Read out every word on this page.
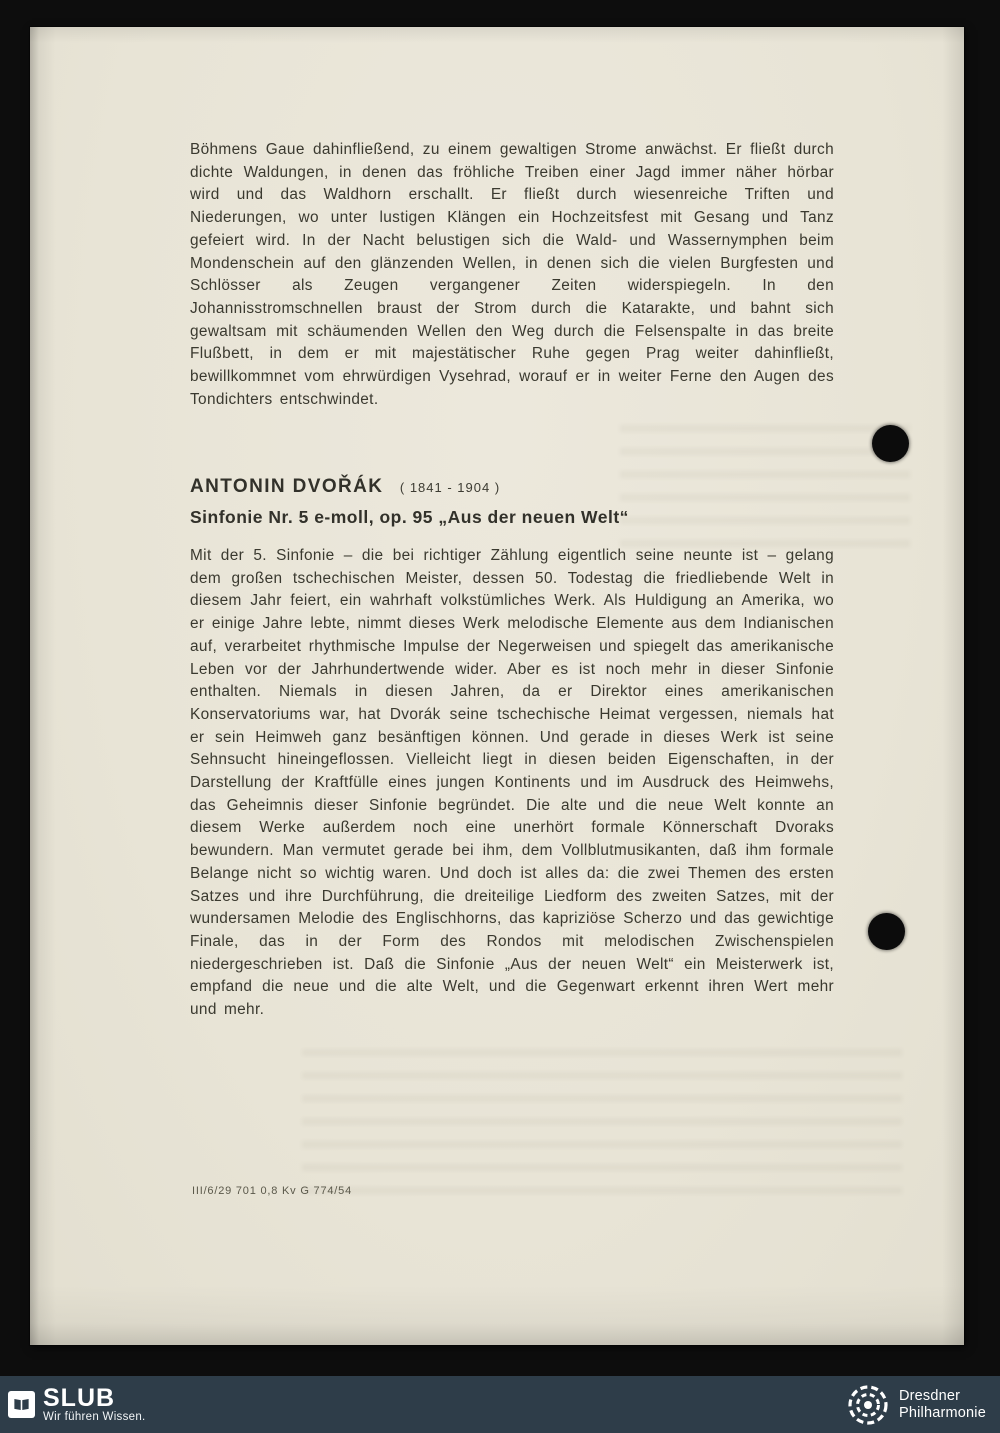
Böhmens Gaue dahinfließend, zu einem gewaltigen Strome anwächst. Er fließt durch dichte Waldungen, in denen das fröhliche Treiben einer Jagd immer näher hörbar wird und das Waldhorn erschallt. Er fließt durch wiesenreiche Triften und Niederungen, wo unter lustigen Klängen ein Hochzeitsfest mit Gesang und Tanz gefeiert wird. In der Nacht belustigen sich die Wald- und Wassernymphen beim Mondenschein auf den glänzenden Wellen, in denen sich die vielen Burgfesten und Schlösser als Zeugen vergangener Zeiten widerspiegeln. In den Johannisstromschnellen braust der Strom durch die Katarakte, und bahnt sich gewaltsam mit schäumenden Wellen den Weg durch die Felsenspalte in das breite Flußbett, in dem er mit majestätischer Ruhe gegen Prag weiter dahinfließt, bewillkommnet vom ehrwürdigen Vysehrad, worauf er in weiter Ferne den Augen des Tondichters entschwindet.

ANTONIN DVOŘÁK ( 1841 - 1904 )
Sinfonie Nr. 5 e-moll, op. 95 „Aus der neuen Welt“

Mit der 5. Sinfonie – die bei richtiger Zählung eigentlich seine neunte ist – gelang dem großen tschechischen Meister, dessen 50. Todestag die friedliebende Welt in diesem Jahr feiert, ein wahrhaft volkstümliches Werk. Als Huldigung an Amerika, wo er einige Jahre lebte, nimmt dieses Werk melodische Elemente aus dem Indianischen auf, verarbeitet rhythmische Impulse der Negerweisen und spiegelt das amerikanische Leben vor der Jahrhundertwende wider. Aber es ist noch mehr in dieser Sinfonie enthalten. Niemals in diesen Jahren, da er Direktor eines amerikanischen Konservatoriums war, hat Dvorák seine tschechische Heimat vergessen, niemals hat er sein Heimweh ganz besänftigen können. Und gerade in dieses Werk ist seine Sehnsucht hineingeflossen. Vielleicht liegt in diesen beiden Eigenschaften, in der Darstellung der Kraftfülle eines jungen Kontinents und im Ausdruck des Heimwehs, das Geheimnis dieser Sinfonie begründet. Die alte und die neue Welt konnte an diesem Werke außerdem noch eine unerhört formale Könnerschaft Dvoraks bewundern. Man vermutet gerade bei ihm, dem Vollblutmusikanten, daß ihm formale Belange nicht so wichtig waren. Und doch ist alles da: die zwei Themen des ersten Satzes und ihre Durchführung, die dreiteilige Liedform des zweiten Satzes, mit der wundersamen Melodie des Englischhorns, das kapriziöse Scherzo und das gewichtige Finale, das in der Form des Rondos mit melodischen Zwischenspielen niedergeschrieben ist. Daß die Sinfonie „Aus der neuen Welt“ ein Meisterwerk ist, empfand die neue und die alte Welt, und die Gegenwart erkennt ihren Wert mehr und mehr.

III/6/29 701 0,8 Kv G 774/54
SLUB
Wir führen Wissen.
Dresdner
Philharmonie
